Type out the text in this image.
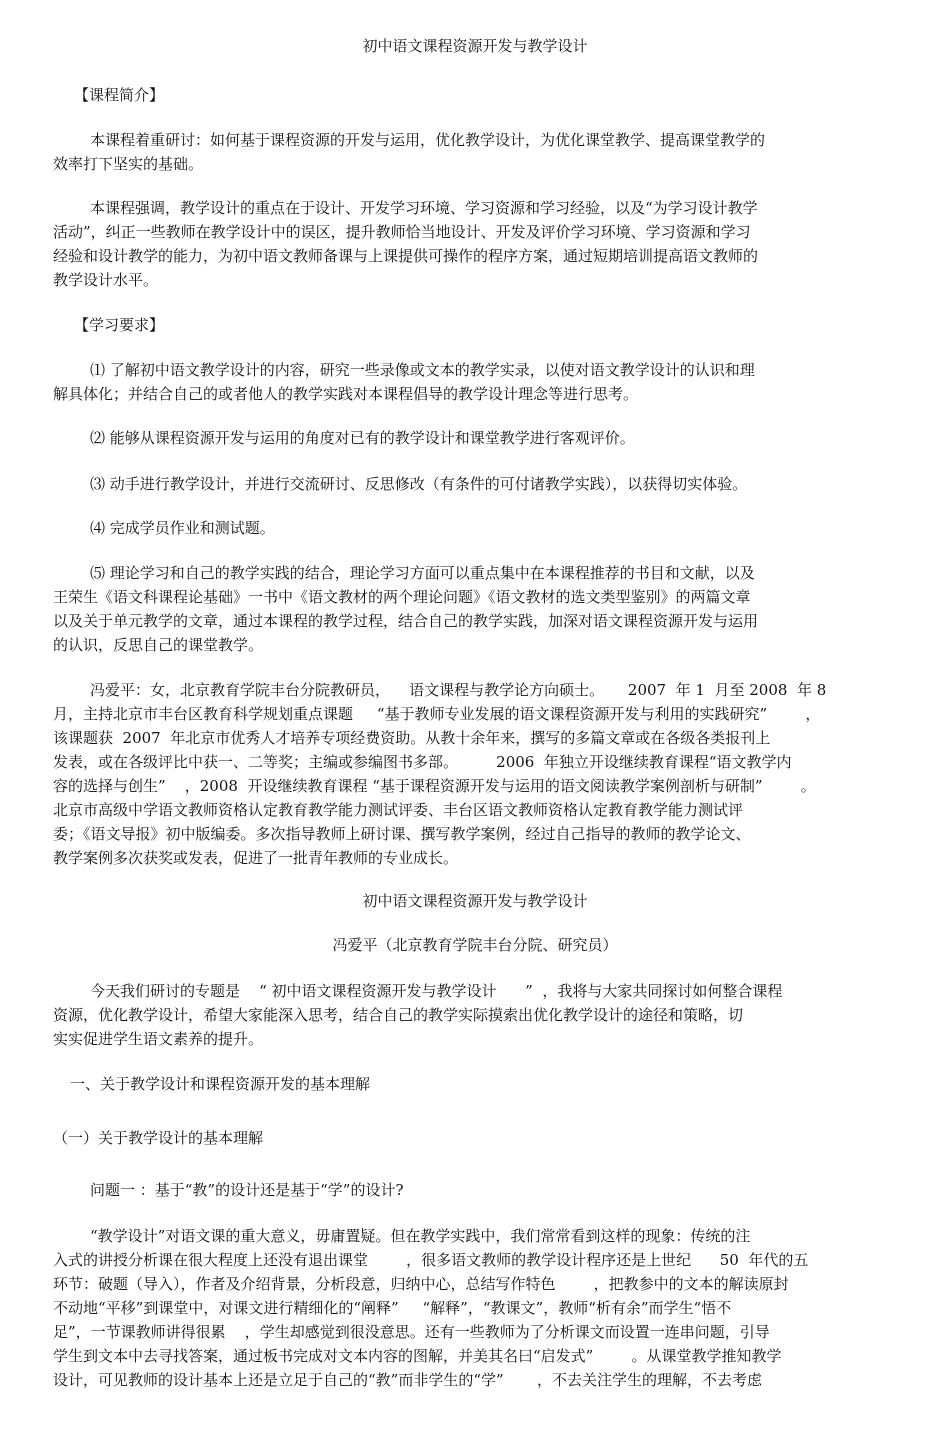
初中语文课程资源开发与教学设计
【课程简介】
本课程着重研讨：如何基于课程资源的开发与运用，优化教学设计，为优化课堂教学、提高课堂教学的
效率打下坚实的基础。
本课程强调，教学设计的重点在于设计、开发学习环境、学习资源和学习经验，以及“为学习设计教学
活动”，纠正一些教师在教学设计中的误区，提升教师恰当地设计、开发及评价学习环境、学习资源和学习
经验和设计教学的能力，为初中语文教师备课与上课提供可操作的程序方案，通过短期培训提高语文教师的
教学设计水平。
【学习要求】
⑴ 了解初中语文教学设计的内容，研究一些录像或文本的教学实录，以使对语文教学设计的认识和理
解具体化；并结合自己的或者他人的教学实践对本课程倡导的教学设计理念等进行思考。
⑵ 能够从课程资源开发与运用的角度对已有的教学设计和课堂教学进行客观评价。
⑶ 动手进行教学设计，并进行交流研讨、反思修改（有条件的可付诸教学实践），以获得切实体验。
⑷ 完成学员作业和测试题。
⑸ 理论学习和自己的教学实践的结合，理论学习方面可以重点集中在本课程推荐的书目和文献，以及
王荣生《语文科课程论基础》一书中《语文教材的两个理论问题》《语文教材的选文类型鉴别》的两篇文章
以及关于单元教学的文章，通过本课程的教学过程，结合自己的教学实践，加深对语文课程资源开发与运用
的认识，反思自己的课堂教学。
冯爱平：女，北京教育学院丰台分院教研员，    语文课程与教学论方向硕士。     2007  年 1  月至 2008  年 8
月，主持北京市丰台区教育科学规划重点课题     “基于教师专业发展的语文课程资源开发与利用的实践研究”        ，
该课题获  2007  年北京市优秀人才培养专项经费资助。从教十余年来，撰写的多篇文章或在各级各类报刊上
发表，或在各级评比中获一、二等奖；主编或参编图书多部。        2006  年独立开设继续教育课程“语文教学内
容的选择与创生”    ，2008  开设继续教育课程 “基于课程资源开发与运用的语文阅读教学案例剖析与研制”        。
北京市高级中学语文教师资格认定教育教学能力测试评委、丰台区语文教师资格认定教育教学能力测试评
委；《语文导报》初中版编委。多次指导教师上研讨课、撰写教学案例，经过自己指导的教师的教学论文、
教学案例多次获奖或发表，促进了一批青年教师的专业成长。
初中语文课程资源开发与教学设计
冯爱平（北京教育学院丰台分院、研究员）
今天我们研讨的专题是    “ 初中语文课程资源开发与教学设计      ”  ，我将与大家共同探讨如何整合课程
资源，优化教学设计，希望大家能深入思考，结合自己的教学实际摸索出优化教学设计的途径和策略，切
实实促进学生语文素养的提升。
一、关于教学设计和课程资源开发的基本理解
（一）关于教学设计的基本理解
问题一 ：基于“教”的设计还是基于“学”的设计?
“教学设计”对语文课的重大意义，毋庸置疑。但在教学实践中，我们常常看到这样的现象：传统的注
入式的讲授分析课在很大程度上还没有退出课堂        ，很多语文教师的教学设计程序还是上世纪      50  年代的五
环节：破题（导入），作者及介绍背景，分析段意，归纳中心，总结写作特色        ，把教参中的文本的解读原封
不动地“平移”到课堂中，对课文进行精细化的“阐释”     “解释”，“教课文”，教师“析有余”而学生“悟不
足”，一节课教师讲得很累    ，学生却感觉到很没意思。还有一些教师为了分析课文而设置一连串问题，引导
学生到文本中去寻找答案，通过板书完成对文本内容的图解，并美其名曰“启发式”        。从课堂教学推知教学
设计，可见教师的设计基本上还是立足于自己的“教”而非学生的“学”       ，不去关注学生的理解，不去考虑
